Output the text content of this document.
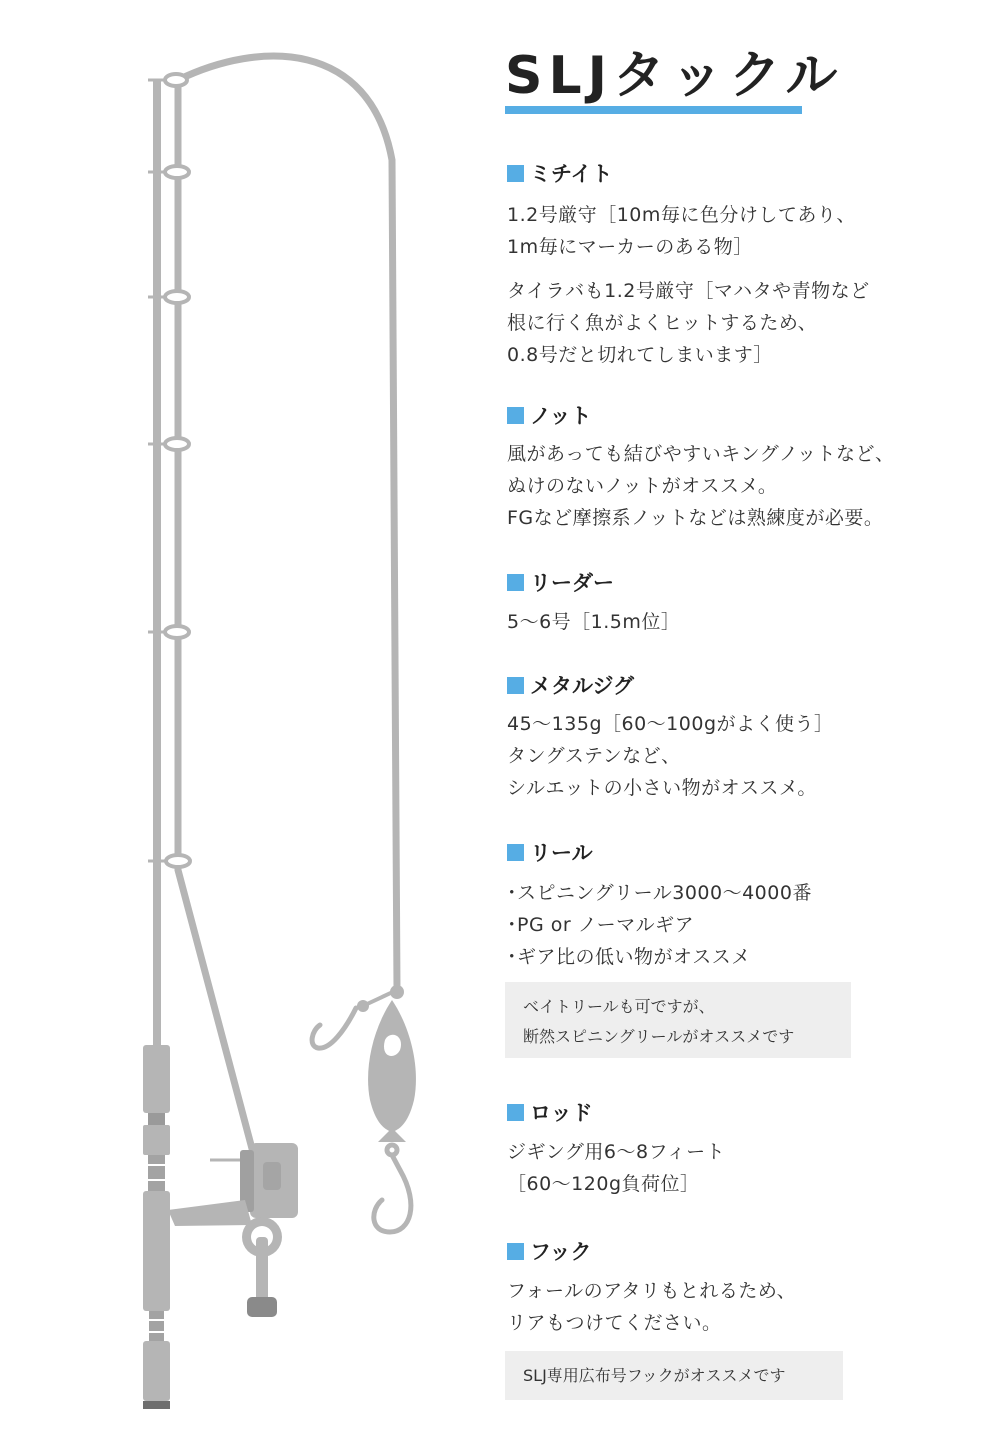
SLJタックル
ミチイト

1.2号厳守［10m毎に色分けしてあり、

1m毎にマーカーのある物］

タイラバも1.2号厳守［マハタや青物など

根に行く魚がよくヒットするため、

0.8号だと切れてしまいます］

ノット

風があっても結びやすいキングノットなど、

ぬけのないノットがオススメ。

FGなど摩擦系ノットなどは熟練度が必要。

リーダー

5～6号［1.5m位］

メタルジグ

45～135g［60～100gがよく使う］

タングステンなど、

シルエットの小さい物がオススメ。

リール

･スピニングリール3000～4000番

･PG or ノーマルギア

･ギア比の低い物がオススメ

ベイトリールも可ですが、

断然スピニングリールがオススメです

ロッド

ジギング用6～8フィート

［60～120g負荷位］

フック

フォールのアタリもとれるため、

リアもつけてください。

SLJ専用広布号フックがオススメです
